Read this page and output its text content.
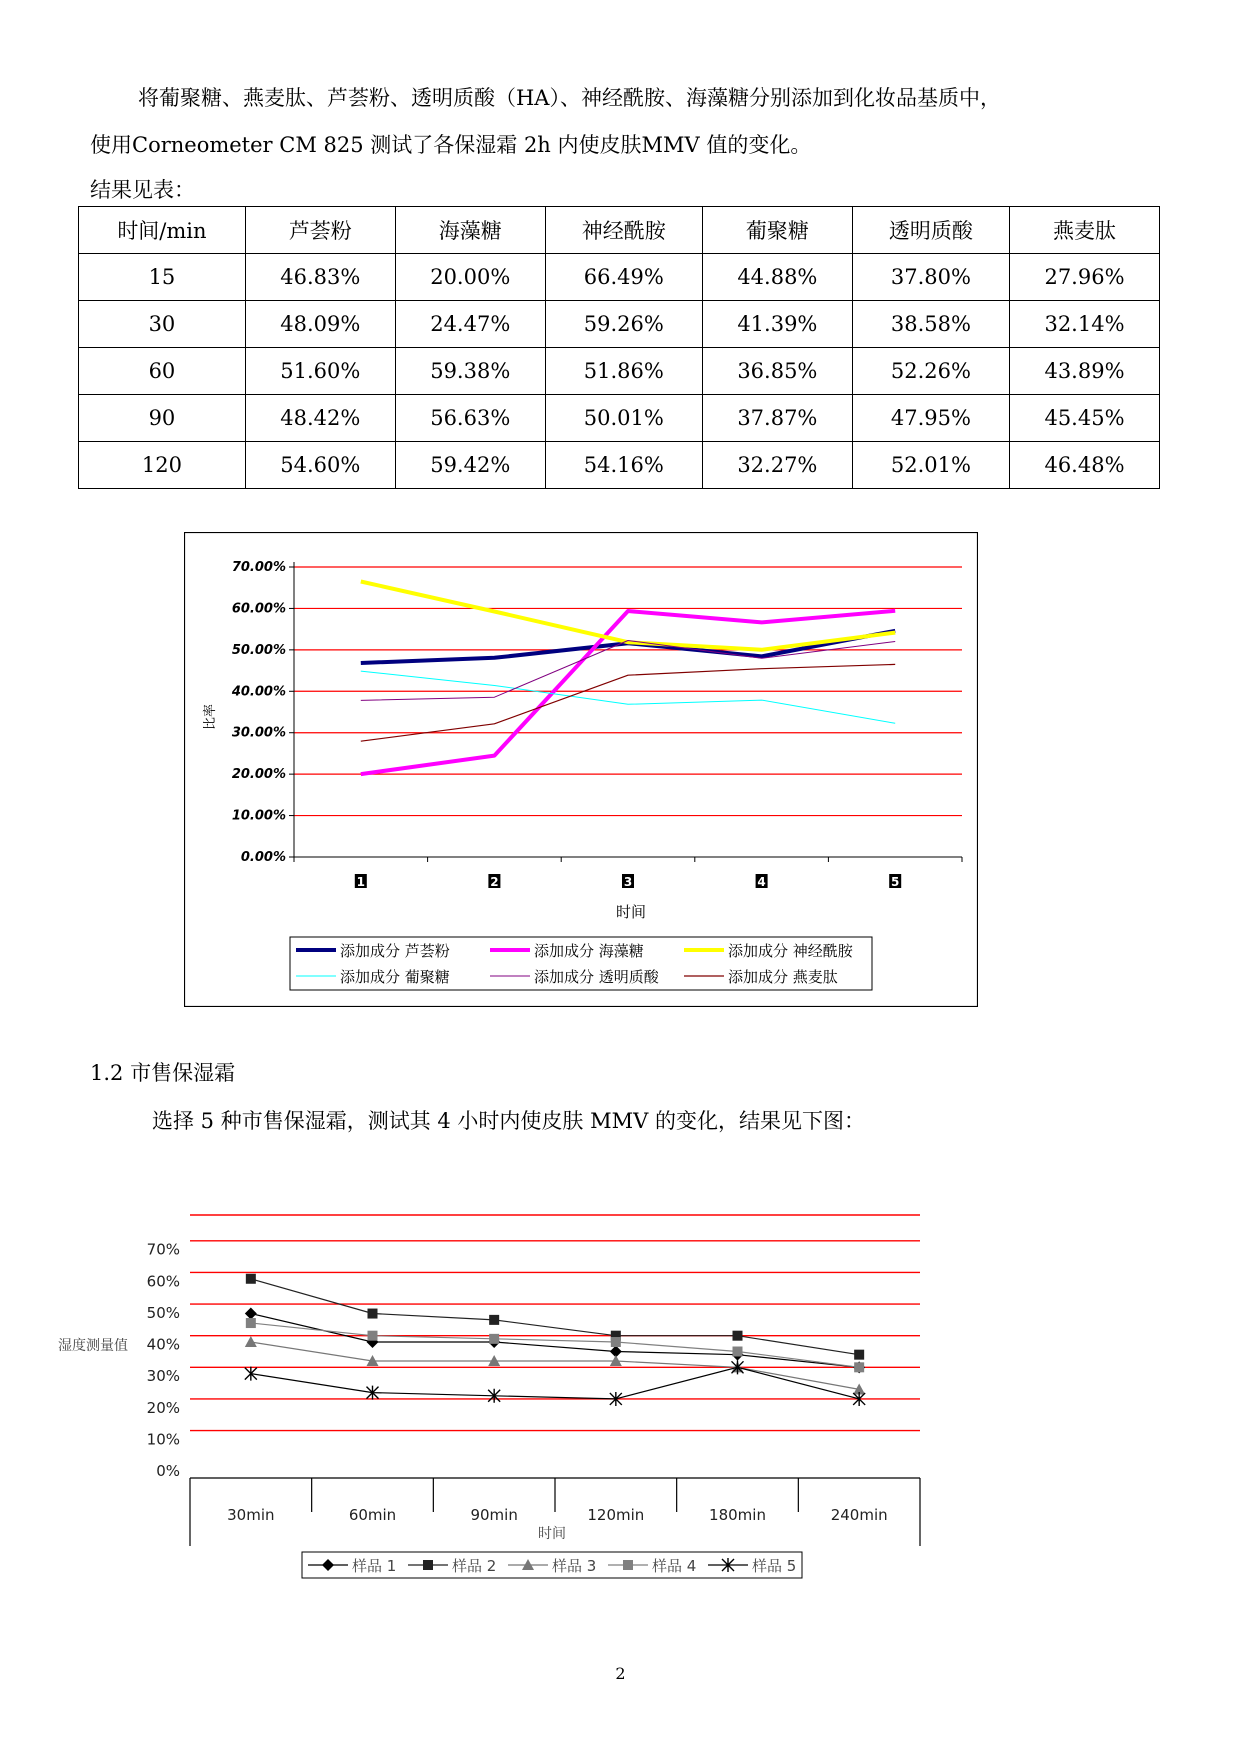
将葡聚糖、燕麦肽、芦荟粉、透明质酸（HA）、神经酰胺、海藻糖分别添加到化妆品基质中，

使用Corneometer CM 825 测试了各保湿霜 2h 内使皮肤MMV 值的变化。

结果见表：

时间/min	芦荟粉	海藻糖	神经酰胺	葡聚糖	透明质酸	燕麦肽
15	46.83%	20.00%	66.49%	44.88%	37.80%	27.96%
30	48.09%	24.47%	59.26%	41.39%	38.58%	32.14%
60	51.60%	59.38%	51.86%	36.85%	52.26%	43.89%
90	48.42%	56.63%	50.01%	37.87%	47.95%	45.45%
120	54.60%	59.42%	54.16%	32.27%	52.01%	46.48%
0.00%
10.00%
20.00%
30.00%
40.00%
50.00%
60.00%
70.00%
1	2	3	4	5
比率
时间
添加成分 芦荟粉	添加成分 海藻糖	添加成分 神经酰胺
添加成分 葡聚糖	添加成分 透明质酸	添加成分 燕麦肽

1.2 市售保湿霜

选择 5 种市售保湿霜，测试其 4 小时内使皮肤 MMV 的变化，结果见下图：

0%
10%
20%
30%
40%
50%
60%
70%
30min	60min	90min	120min	180min	240min
湿度测量值
时间
样品 1	样品 2	样品 3	样品 4	样品 5
2
